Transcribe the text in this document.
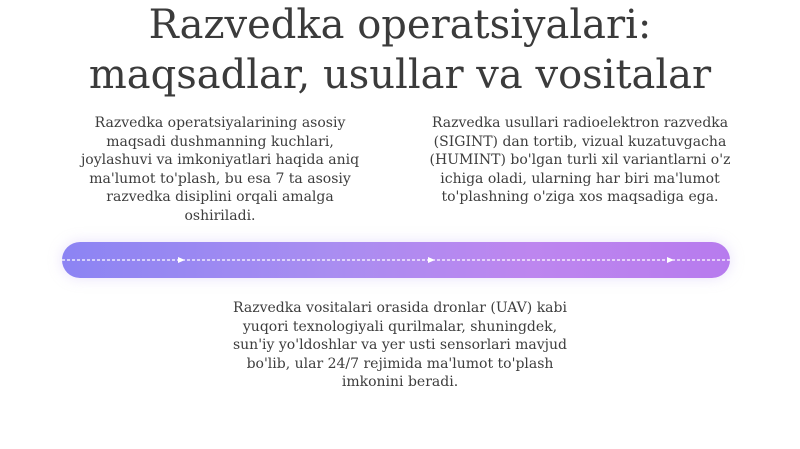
Razvedka operatsiyalari:
maqsadlar, usullar va vositalar
Razvedka operatsiyalarining asosiy
maqsadi dushmanning kuchlari,
joylashuvi va imkoniyatlari haqida aniq
ma'lumot to'plash, bu esa 7 ta asosiy
razvedka disiplini orqali amalga
oshiriladi.
Razvedka usullari radioelektron razvedka
(SIGINT) dan tortib, vizual kuzatuvgacha
(HUMINT) bo'lgan turli xil variantlarni o'z
ichiga oladi, ularning har biri ma'lumot
to'plashning o'ziga xos maqsadiga ega.
Razvedka vositalari orasida dronlar (UAV) kabi
yuqori texnologiyali qurilmalar, shuningdek,
sun'iy yo'ldoshlar va yer usti sensorlari mavjud
bo'lib, ular 24/7 rejimida ma'lumot to'plash
imkonini beradi.
